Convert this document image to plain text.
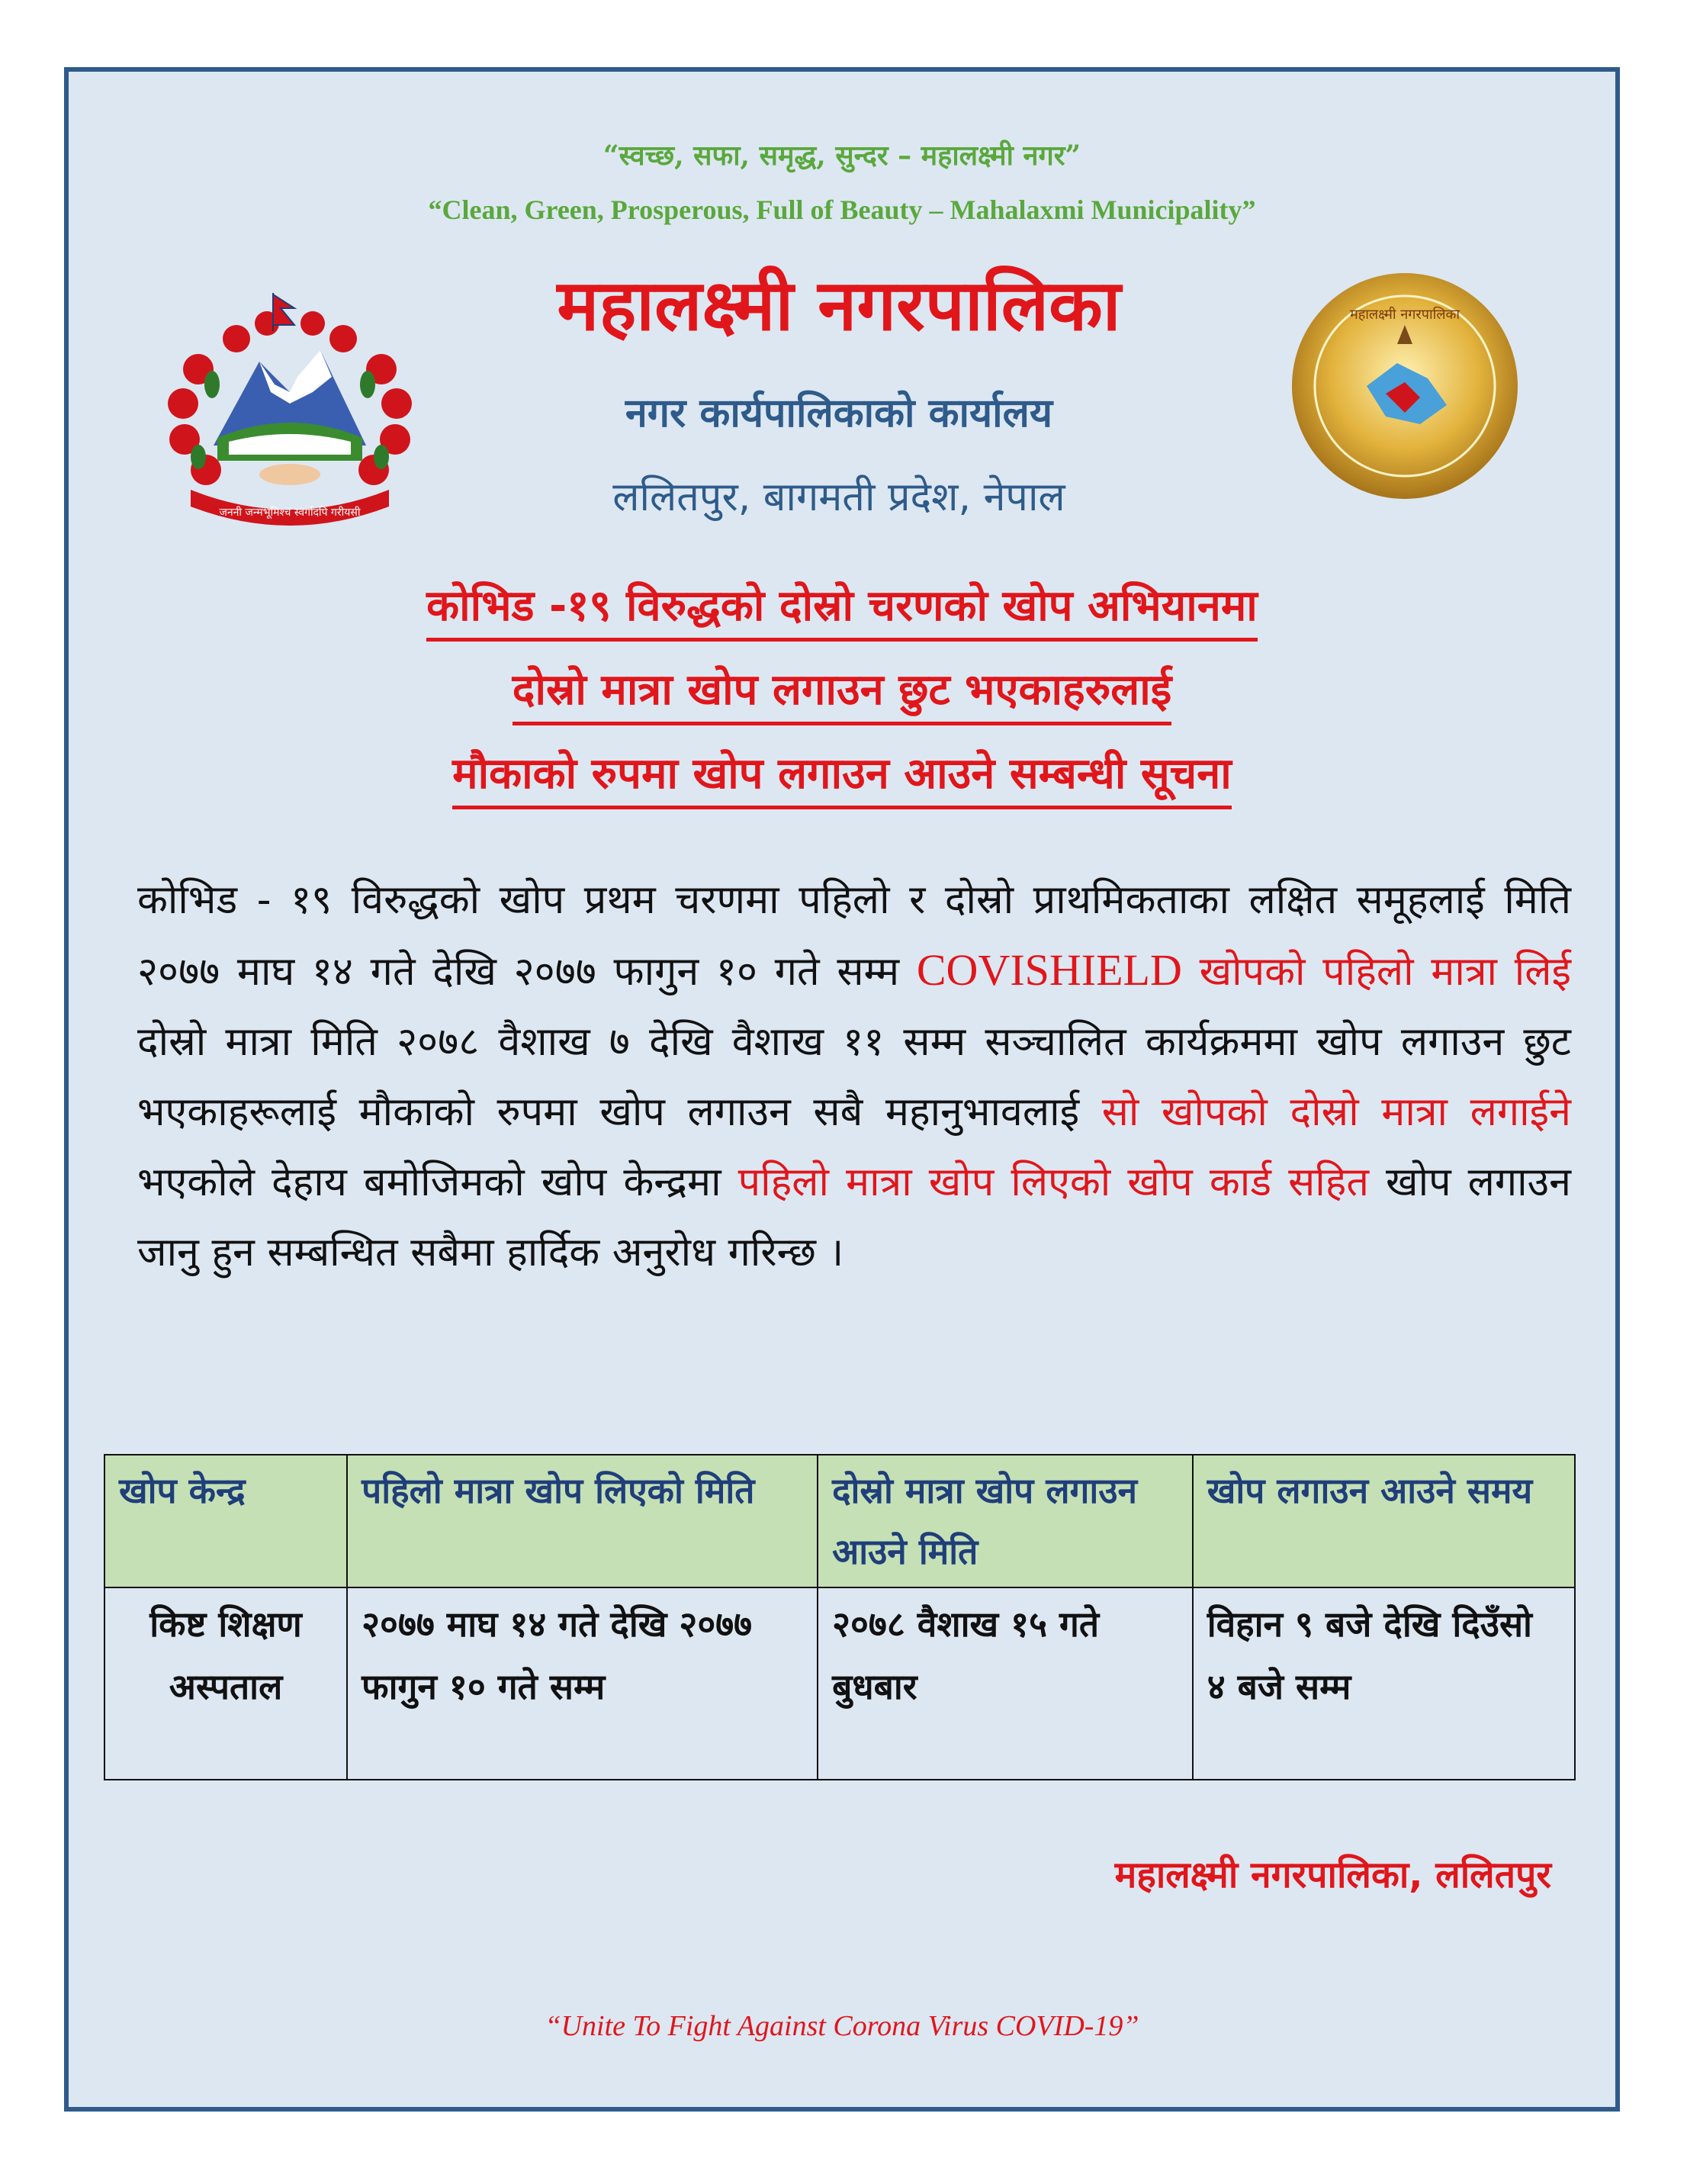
“स्वच्छ, सफा, समृद्ध, सुन्दर – महालक्ष्मी नगर”
“Clean, Green, Prosperous, Full of Beauty – Mahalaxmi Municipality”
जननी जन्मभूमिश्च स्वर्गादपि गरीयसी
महालक्ष्मी नगरपालिका
नगर कार्यपालिकाको कार्यालय
ललितपुर, बागमती प्रदेश, नेपाल
महालक्ष्मी नगरपालिका
कोभिड -१९ विरुद्धको दोस्रो चरणको खोप अभियानमा
दोस्रो मात्रा खोप लगाउन छुट भएकाहरुलाई
मौकाको रुपमा खोप लगाउन आउने सम्बन्धी सूचना
कोभिड - १९ विरुद्धको खोप प्रथम चरणमा पहिलो र दोस्रो प्राथमिकताका लक्षित समूहलाई मिति २०७७ माघ १४ गते देखि २०७७ फागुन १० गते सम्म COVISHIELD खोपको पहिलो मात्रा लिई दोस्रो मात्रा मिति २०७८ वैशाख ७ देखि वैशाख ११ सम्म सञ्चालित कार्यक्रममा खोप लगाउन छुट भएकाहरूलाई मौकाको रुपमा खोप लगाउन सबै महानुभावलाई सो खोपको दोस्रो मात्रा लगाईने भएकोले देहाय बमोजिमको खोप केन्द्रमा पहिलो मात्रा खोप लिएको खोप कार्ड सहित खोप लगाउन जानु हुन सम्बन्धित सबैमा हार्दिक अनुरोध गरिन्छ ।
खोप केन्द्र	पहिलो मात्रा खोप लिएको मिति	दोस्रो मात्रा खोप लगाउन आउने मिति	खोप लगाउन आउने समय
किष्ट शिक्षण अस्पताल	२०७७ माघ १४ गते देखि २०७७ फागुन १० गते सम्म	२०७८ वैशाख १५ गते बुधबार	विहान ९ बजे देखि दिउँसो ४ बजे सम्म
महालक्ष्मी नगरपालिका, ललितपुर
“Unite To Fight Against Corona Virus COVID-19”
